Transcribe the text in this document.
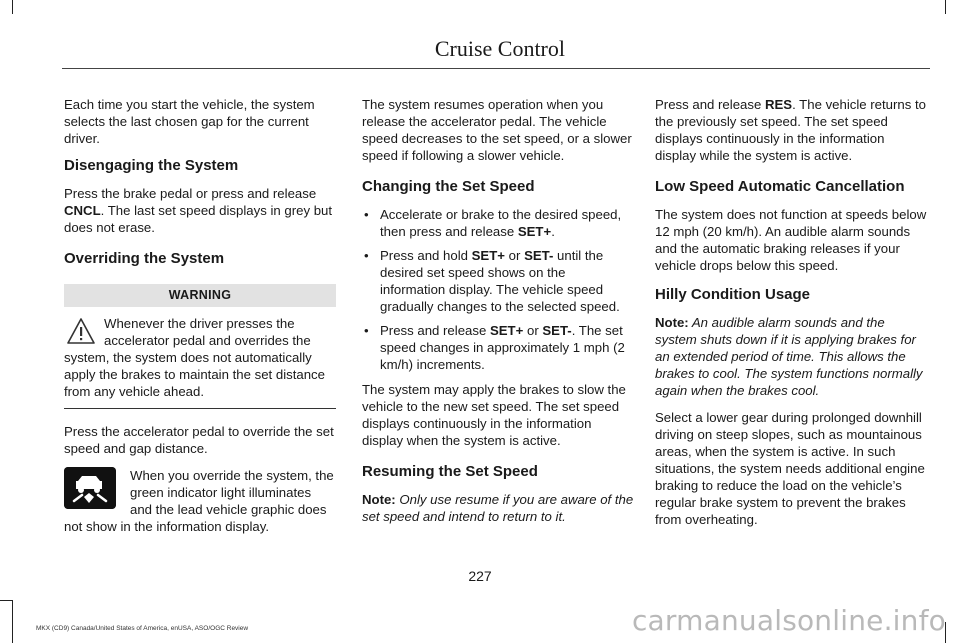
Cruise Control

Each time you start the vehicle, the system selects the last chosen gap for the current driver.

Disengaging the System

Press the brake pedal or press and release CNCL. The last set speed displays in grey but does not erase.

Overriding the System
WARNING
Whenever the driver presses the accelerator pedal and overrides the system, the system does not automatically apply the brakes to maintain the set distance from any vehicle ahead.

Press the accelerator pedal to override the set speed and gap distance.

When you override the system, the green indicator light illuminates and the lead vehicle graphic does not show in the information display.

The system resumes operation when you release the accelerator pedal. The vehicle speed decreases to the set speed, or a slower speed if following a slower vehicle.

Changing the Set Speed
• Accelerate or brake to the desired speed, then press and release SET+.
• Press and hold SET+ or SET- until the desired set speed shows on the information display. The vehicle speed gradually changes to the selected speed.
• Press and release SET+ or SET-. The set speed changes in approximately 1 mph (2 km/h) increments.

The system may apply the brakes to slow the vehicle to the new set speed. The set speed displays continuously in the information display when the system is active.

Resuming the Set Speed

Note: Only use resume if you are aware of the set speed and intend to return to it.

Press and release RES. The vehicle returns to the previously set speed. The set speed displays continuously in the information display while the system is active.

Low Speed Automatic Cancellation

The system does not function at speeds below 12 mph (20 km/h). An audible alarm sounds and the automatic braking releases if your vehicle drops below this speed.

Hilly Condition Usage

Note: An audible alarm sounds and the system shuts down if it is applying brakes for an extended period of time. This allows the brakes to cool. The system functions normally again when the brakes cool.

Select a lower gear during prolonged downhill driving on steep slopes, such as mountainous areas, when the system is active. In such situations, the system needs additional engine braking to reduce the load on the vehicle’s regular brake system to prevent the brakes from overheating.

227
MKX (CD9) Canada/United States of America, enUSA, ASO/OGC Review	carmanualsonline.info
